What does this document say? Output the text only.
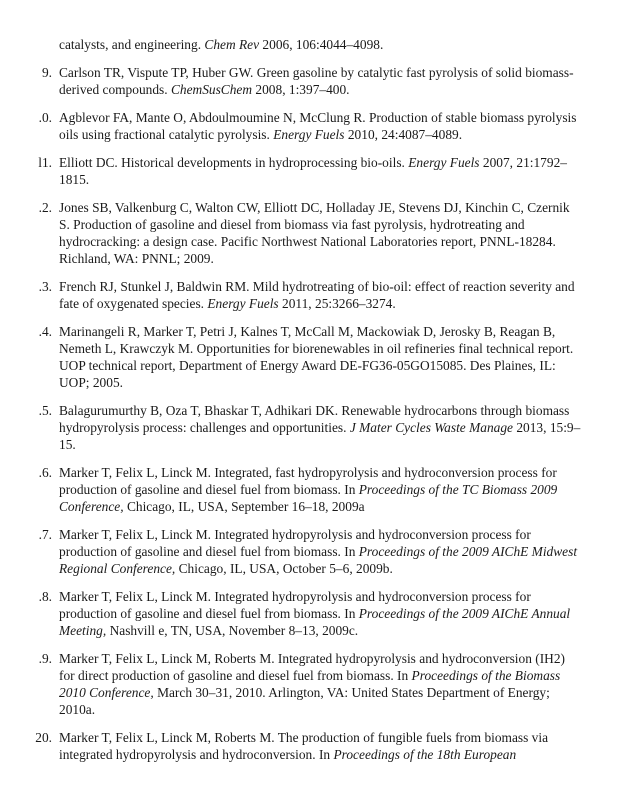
catalysts, and engineering. Chem Rev 2006, 106:4044–4098.
9. Carlson TR, Vispute TP, Huber GW. Green gasoline by catalytic fast pyrolysis of solid biomass-derived compounds. ChemSusChem 2008, 1:397–400.
.0. Agblevor FA, Mante O, Abdoulmoumine N, McClung R. Production of stable biomass pyrolysis oils using fractional catalytic pyrolysis. Energy Fuels 2010, 24:4087–4089.
l1. Elliott DC. Historical developments in hydroprocessing bio-oils. Energy Fuels 2007, 21:1792–1815.
.2. Jones SB, Valkenburg C, Walton CW, Elliott DC, Holladay JE, Stevens DJ, Kinchin C, Czernik S. Production of gasoline and diesel from biomass via fast pyrolysis, hydrotreating and hydrocracking: a design case. Pacific Northwest National Laboratories report, PNNL-18284. Richland, WA: PNNL; 2009.
.3. French RJ, Stunkel J, Baldwin RM. Mild hydrotreating of bio-oil: effect of reaction severity and fate of oxygenated species. Energy Fuels 2011, 25:3266–3274.
.4. Marinangeli R, Marker T, Petri J, Kalnes T, McCall M, Mackowiak D, Jerosky B, Reagan B, Nemeth L, Krawczyk M. Opportunities for biorenewables in oil refineries final technical report. UOP technical report, Department of Energy Award DE-FG36-05GO15085. Des Plaines, IL: UOP; 2005.
.5. Balagurumurthy B, Oza T, Bhaskar T, Adhikari DK. Renewable hydrocarbons through biomass hydropyrolysis process: challenges and opportunities. J Mater Cycles Waste Manage 2013, 15:9–15.
.6. Marker T, Felix L, Linck M. Integrated, fast hydropyrolysis and hydroconversion process for production of gasoline and diesel fuel from biomass. In Proceedings of the TC Biomass 2009 Conference, Chicago, IL, USA, September 16–18, 2009a
.7. Marker T, Felix L, Linck M. Integrated hydropyrolysis and hydroconversion process for production of gasoline and diesel fuel from biomass. In Proceedings of the 2009 AIChE Midwest Regional Conference, Chicago, IL, USA, October 5–6, 2009b.
.8. Marker T, Felix L, Linck M. Integrated hydropyrolysis and hydroconversion process for production of gasoline and diesel fuel from biomass. In Proceedings of the 2009 AIChE Annual Meeting, Nashvill e, TN, USA, November 8–13, 2009c.
.9. Marker T, Felix L, Linck M, Roberts M. Integrated hydropyrolysis and hydroconversion (IH2) for direct production of gasoline and diesel fuel from biomass. In Proceedings of the Biomass 2010 Conference, March 30–31, 2010. Arlington, VA: United States Department of Energy; 2010a.
20. Marker T, Felix L, Linck M, Roberts M. The production of fungible fuels from biomass via integrated hydropyrolysis and hydroconversion. In Proceedings of the 18th European
